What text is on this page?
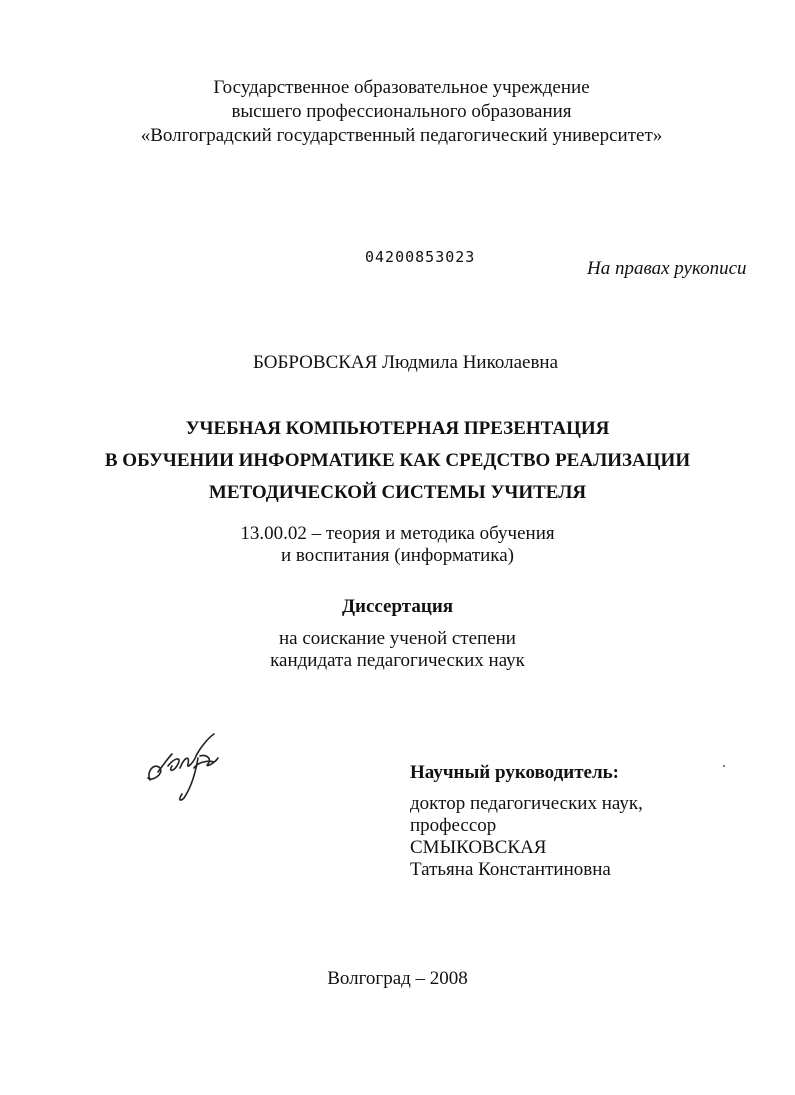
Государственное образовательное учреждение
высшего профессионального образования
«Волгоградский государственный педагогический университет»
04200853023
На правах рукописи
БОБРОВСКАЯ Людмила Николаевна
УЧЕБНАЯ КОМПЬЮТЕРНАЯ ПРЕЗЕНТАЦИЯ
В ОБУЧЕНИИ ИНФОРМАТИКЕ КАК СРЕДСТВО РЕАЛИЗАЦИИ
МЕТОДИЧЕСКОЙ СИСТЕМЫ УЧИТЕЛЯ
13.00.02 – теория и методика обучения
и воспитания (информатика)
Диссертация
на соискание ученой степени
кандидата педагогических наук
Научный руководитель:
доктор педагогических наук,
профессор
СМЫКОВСКАЯ
Татьяна Константиновна
Волгоград – 2008
